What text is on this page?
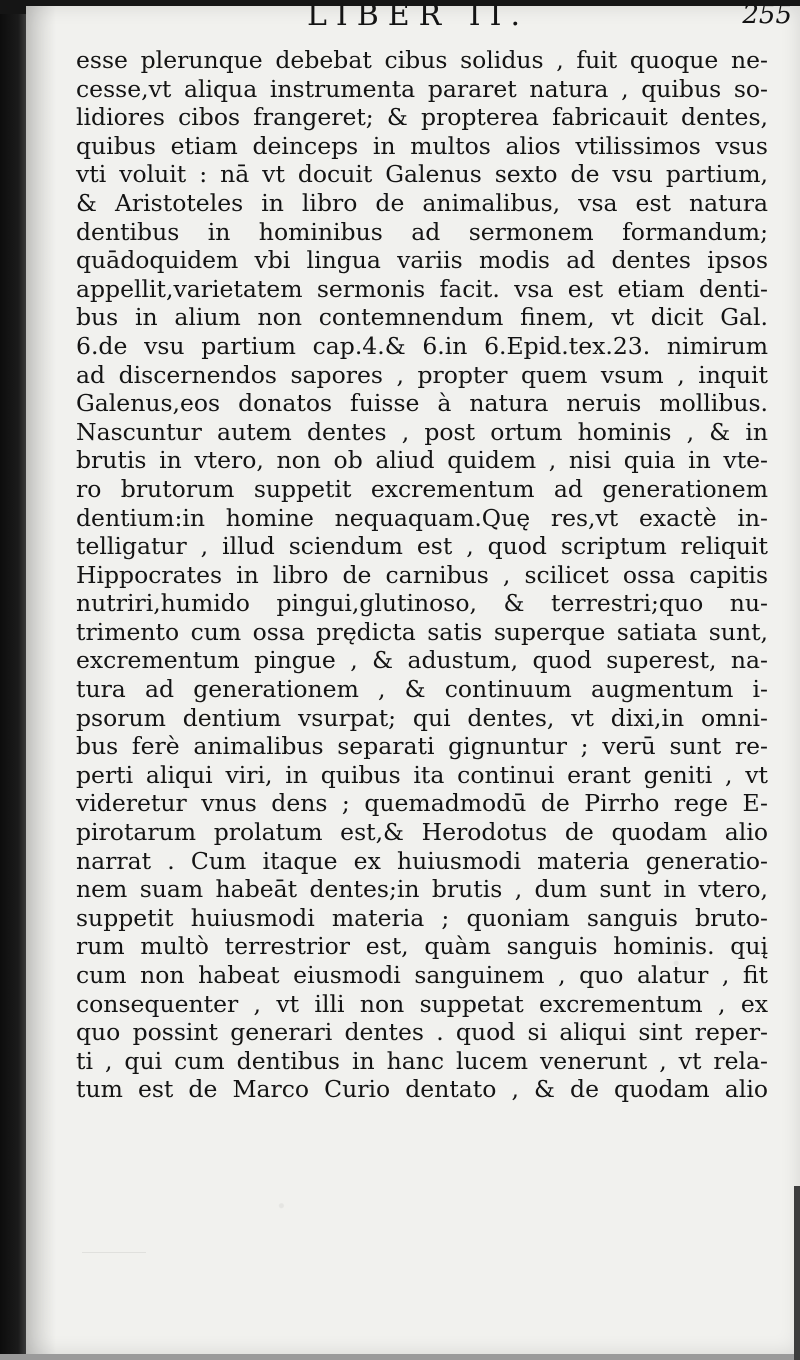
LIBER II.	255
esse plerunque debebat cibus solidus , fuit quoque ne-
cesse,vt aliqua instrumenta pararet natura , quibus so-
lidiores cibos frangeret; & propterea fabricauit dentes,
quibus etiam deinceps in multos alios vtilissimos vsus
vti voluit : nā vt docuit Galenus sexto de vsu partium,
& Aristoteles in libro de animalibus, vsa est natura
dentibus in hominibus ad sermonem formandum;
quādoquidem vbi lingua variis modis ad dentes ipsos
appellit,varietatem sermonis facit. vsa est etiam denti-
bus in alium non contemnendum finem, vt dicit Gal.
6.de vsu partium cap.4.& 6.in 6.Epid.tex.23. nimirum
ad discernendos sapores , propter quem vsum , inquit
Galenus,eos donatos fuisse à natura neruis mollibus.
Nascuntur autem dentes , post ortum hominis , & in
brutis in vtero, non ob aliud quidem , nisi quia in vte-
ro brutorum suppetit excrementum ad generationem
dentium:in homine nequaquam.Quę res,vt exactè in-
telligatur , illud sciendum est , quod scriptum reliquit
Hippocrates in libro de carnibus , scilicet ossa capitis
nutriri,humido pingui,glutinoso, & terrestri;quo nu-
trimento cum ossa prędicta satis superque satiata sunt,
excrementum pingue , & adustum, quod superest, na-
tura ad generationem , & continuum augmentum i-
psorum dentium vsurpat; qui dentes, vt dixi,in omni-
bus ferè animalibus separati gignuntur ; verū sunt re-
perti aliqui viri, in quibus ita continui erant geniti , vt
videretur vnus dens ; quemadmodū de Pirrho rege E-
pirotarum prolatum est,& Herodotus de quodam alio
narrat . Cum itaque ex huiusmodi materia generatio-
nem suam habeāt dentes;in brutis , dum sunt in vtero,
suppetit huiusmodi materia ; quoniam sanguis bruto-
rum multò terrestrior est, quàm sanguis hominis. quį
cum non habeat eiusmodi sanguinem , quo alatur , fit
consequenter , vt illi non suppetat excrementum , ex
quo possint generari dentes . quod si aliqui sint reper-
ti , qui cum dentibus in hanc lucem venerunt , vt rela-
tum est de Marco Curio dentato , & de quodam alio
